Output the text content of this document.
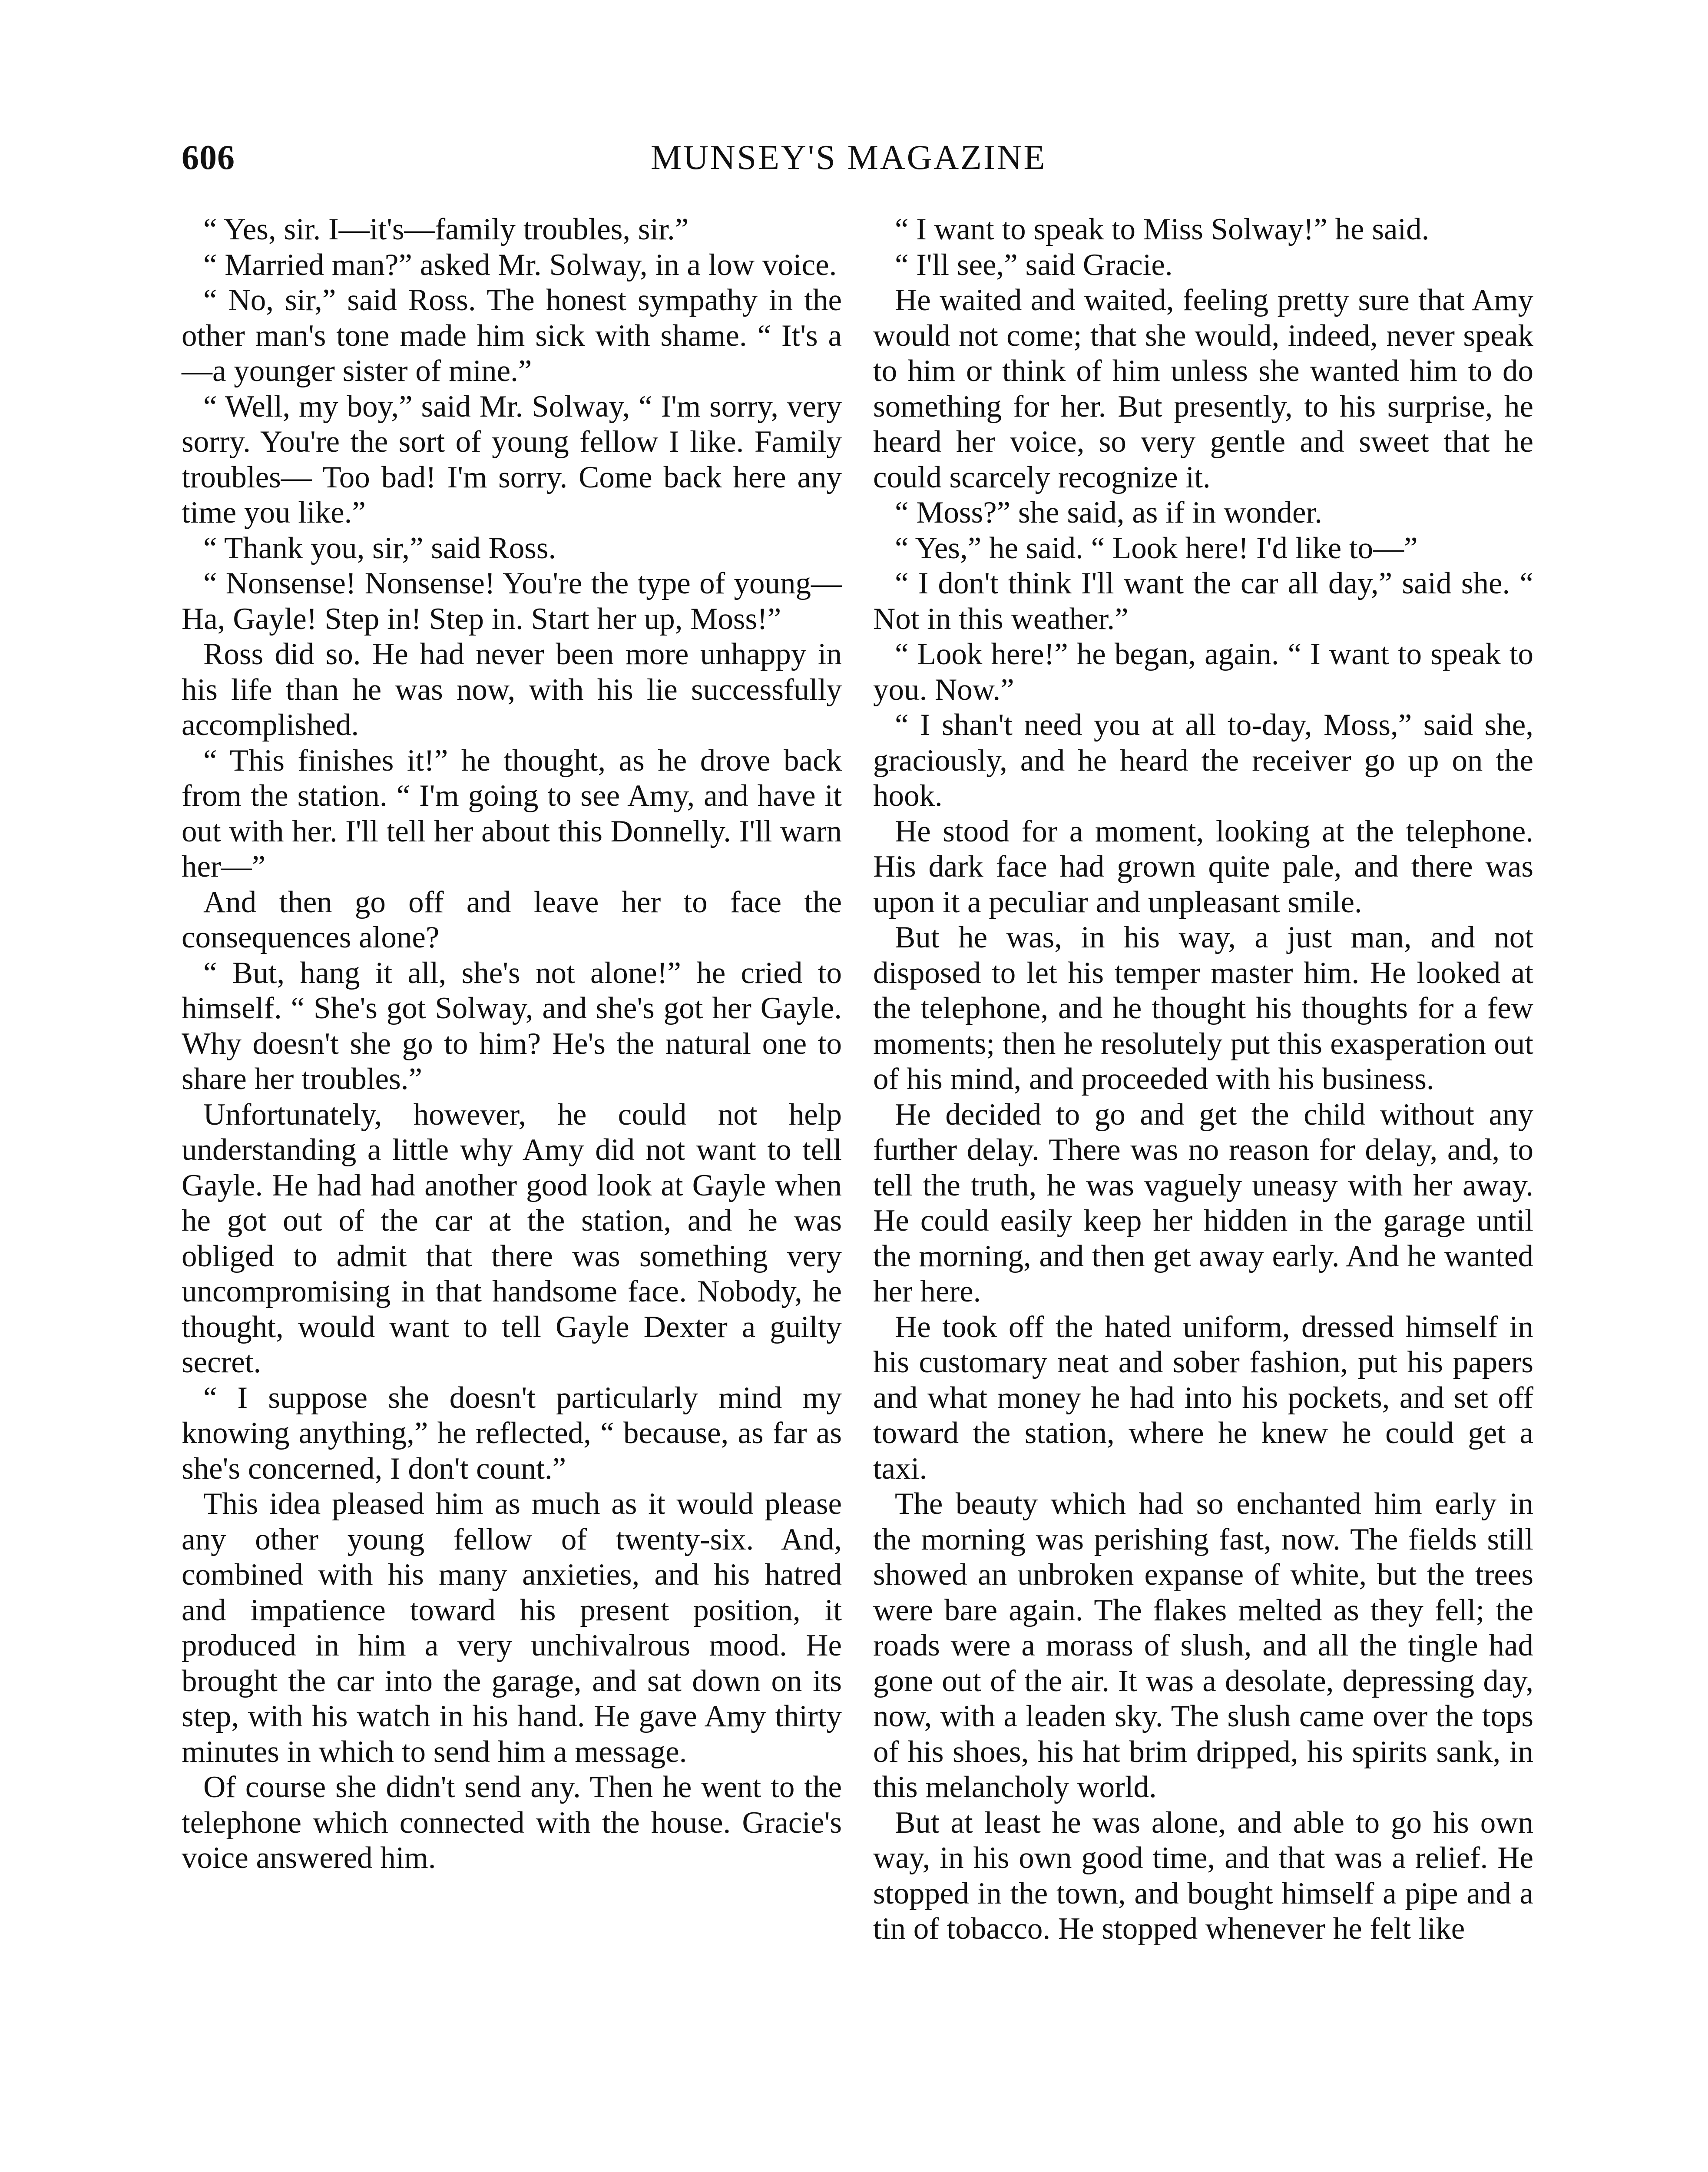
606	MUNSEY'S MAGAZINE

“ Yes, sir. I—it's—family troubles, sir.”

“ Married man?” asked Mr. Solway, in a low voice.

“ No, sir,” said Ross. The honest sympathy in the other man's tone made him sick with shame. “ It's a—a younger sister of mine.”

“ Well, my boy,” said Mr. Solway, “ I'm sorry, very sorry. You're the sort of young fellow I like. Family troubles— Too bad! I'm sorry. Come back here any time you like.”

“ Thank you, sir,” said Ross.

“ Nonsense! Nonsense! You're the type of young— Ha, Gayle! Step in! Step in. Start her up, Moss!”

Ross did so. He had never been more unhappy in his life than he was now, with his lie successfully accomplished.

“ This finishes it!” he thought, as he drove back from the station. “ I'm going to see Amy, and have it out with her. I'll tell her about this Donnelly. I'll warn her—”

And then go off and leave her to face the consequences alone?

“ But, hang it all, she's not alone!” he cried to himself. “ She's got Solway, and she's got her Gayle. Why doesn't she go to him? He's the natural one to share her troubles.”

Unfortunately, however, he could not help understanding a little why Amy did not want to tell Gayle. He had had another good look at Gayle when he got out of the car at the station, and he was obliged to admit that there was something very uncompromising in that handsome face. Nobody, he thought, would want to tell Gayle Dexter a guilty secret.

“ I suppose she doesn't particularly mind my knowing anything,” he reflected, “ because, as far as she's concerned, I don't count.”

This idea pleased him as much as it would please any other young fellow of twenty-six. And, combined with his many anxieties, and his hatred and impatience toward his present position, it produced in him a very unchivalrous mood. He brought the car into the garage, and sat down on its step, with his watch in his hand. He gave Amy thirty minutes in which to send him a message.

Of course she didn't send any. Then he went to the telephone which connected with the house. Gracie's voice answered him.

“ I want to speak to Miss Solway!” he said.

“ I'll see,” said Gracie.

He waited and waited, feeling pretty sure that Amy would not come; that she would, indeed, never speak to him or think of him unless she wanted him to do something for her. But presently, to his surprise, he heard her voice, so very gentle and sweet that he could scarcely recognize it.

“ Moss?” she said, as if in wonder.

“ Yes,” he said. “ Look here! I'd like to—”

“ I don't think I'll want the car all day,” said she. “ Not in this weather.”

“ Look here!” he began, again. “ I want to speak to you. Now.”

“ I shan't need you at all to-day, Moss,” said she, graciously, and he heard the receiver go up on the hook.

He stood for a moment, looking at the telephone. His dark face had grown quite pale, and there was upon it a peculiar and unpleasant smile.

But he was, in his way, a just man, and not disposed to let his temper master him. He looked at the telephone, and he thought his thoughts for a few moments; then he resolutely put this exasperation out of his mind, and proceeded with his business.

He decided to go and get the child without any further delay. There was no reason for delay, and, to tell the truth, he was vaguely uneasy with her away. He could easily keep her hidden in the garage until the morning, and then get away early. And he wanted her here.

He took off the hated uniform, dressed himself in his customary neat and sober fashion, put his papers and what money he had into his pockets, and set off toward the station, where he knew he could get a taxi.

The beauty which had so enchanted him early in the morning was perishing fast, now. The fields still showed an unbroken expanse of white, but the trees were bare again. The flakes melted as they fell; the roads were a morass of slush, and all the tingle had gone out of the air. It was a desolate, depressing day, now, with a leaden sky. The slush came over the tops of his shoes, his hat brim dripped, his spirits sank, in this melancholy world.

But at least he was alone, and able to go his own way, in his own good time, and that was a relief. He stopped in the town, and bought himself a pipe and a tin of tobacco. He stopped whenever he felt like
